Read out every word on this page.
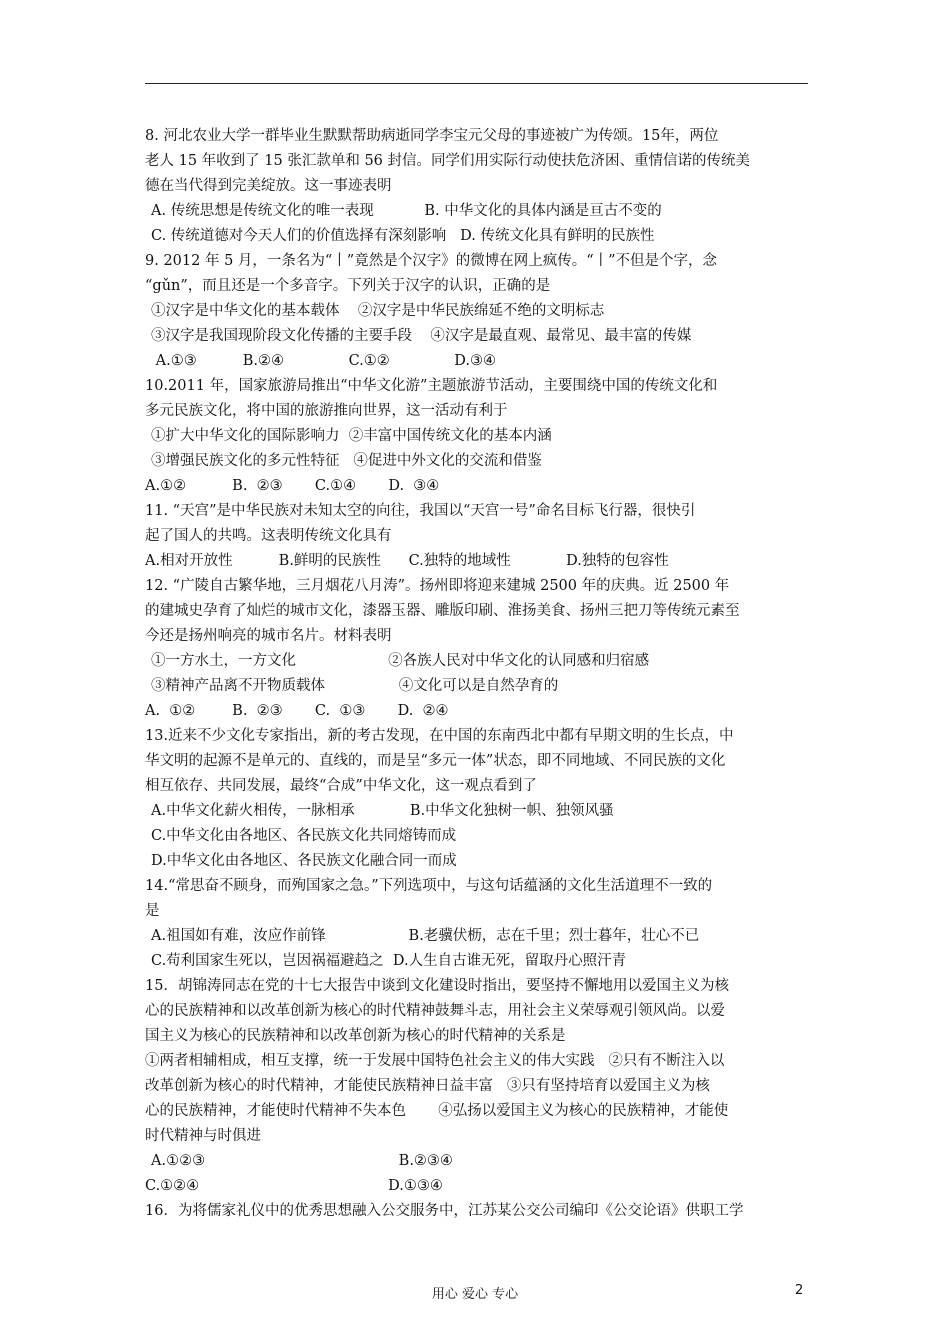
8. 河北农业大学一群毕业生默默帮助病逝同学李宝元父母的事迹被广为传颂。15年，两位
老人 15 年收到了 15 张汇款单和 56 封信。同学们用实际行动使扶危济困、重情信诺的传统美
德在当代得到完美绽放。这一事迹表明
A. 传统思想是传统文化的唯一表现           B. 中华文化的具体内涵是亘古不变的
C. 传统道德对今天人们的价值选择有深刻影响   D. 传统文化具有鲜明的民族性
9. 2012 年 5 月，一条名为“丨”竟然是个汉字》的微博在网上疯传。“丨”不但是个字，念
“gǔn”，而且还是一个多音字。下列关于汉字的认识，正确的是
①汉字是中华文化的基本载体    ②汉字是中华民族绵延不绝的文明标志
③汉字是我国现阶段文化传播的主要手段    ④汉字是最直观、最常见、最丰富的传媒
A.①③          B.②④              C.①②              D.③④
10.2011 年，国家旅游局推出“中华文化游”主题旅游节活动，主要围绕中国的传统文化和
多元民族文化，将中国的旅游推向世界，这一活动有利于
①扩大中华文化的国际影响力  ②丰富中国传统文化的基本内涵
③增强民族文化的多元性特征   ④促进中外文化的交流和借鉴
A.①②          B.  ②③       C.①④       D.  ③④
11. “天宫”是中华民族对未知太空的向往，我国以“天宫一号”命名目标飞行器，很快引
起了国人的共鸣。这表明传统文化具有
A.相对开放性          B.鲜明的民族性      C.独特的地域性            D.独特的包容性
12. “广陵自古繁华地，三月烟花八月涛”。扬州即将迎来建城 2500 年的庆典。近 2500 年
的建城史孕育了灿烂的城市文化，漆器玉器、雕版印刷、淮扬美食、扬州三把刀等传统元素至
今还是扬州响亮的城市名片。材料表明
①一方水土，一方文化                    ②各族人民对中华文化的认同感和归宿感
③精神产品离不开物质载体                ④文化可以是自然孕育的
A.  ①②        B.  ②③       C.  ①③       D.  ②④
13.近来不少文化专家指出，新的考古发现，在中国的东南西北中都有早期文明的生长点，中
华文明的起源不是单元的、直线的，而是呈“多元一体”状态，即不同地域、不同民族的文化
相互依存、共同发展，最终“合成”中华文化，这一观点看到了
A.中华文化薪火相传，一脉相承            B.中华文化独树一帜、独领风骚
C.中华文化由各地区、各民族文化共同熔铸而成
D.中华文化由各地区、各民族文化融合同一而成
14.“常思奋不顾身，而殉国家之急。”下列选项中，与这句话蕴涵的文化生活道理不一致的
是
A.祖国如有难，汝应作前锋                  B.老骥伏枥，志在千里；烈士暮年，壮心不已
C.苟利国家生死以，岂因祸福避趋之  D.人生自古谁无死，留取丹心照汗青
15．胡锦涛同志在党的十七大报告中谈到文化建设时指出，要坚持不懈地用以爱国主义为核
心的民族精神和以改革创新为核心的时代精神鼓舞斗志，用社会主义荣辱观引领风尚。以爱
国主义为核心的民族精神和以改革创新为核心的时代精神的关系是
①两者相辅相成，相互支撑，统一于发展中国特色社会主义的伟大实践   ②只有不断注入以
改革创新为核心的时代精神，才能使民族精神日益丰富   ③只有坚持培育以爱国主义为核
心的民族精神，才能使时代精神不失本色       ④弘扬以爱国主义为核心的民族精神，才能使
时代精神与时俱进
A.①②③                                          B.②③④
C.①②④                                         D.①③④
16．为将儒家礼仪中的优秀思想融入公交服务中，江苏某公交公司编印《公交论语》供职工学
用心 爱心 专心	2
